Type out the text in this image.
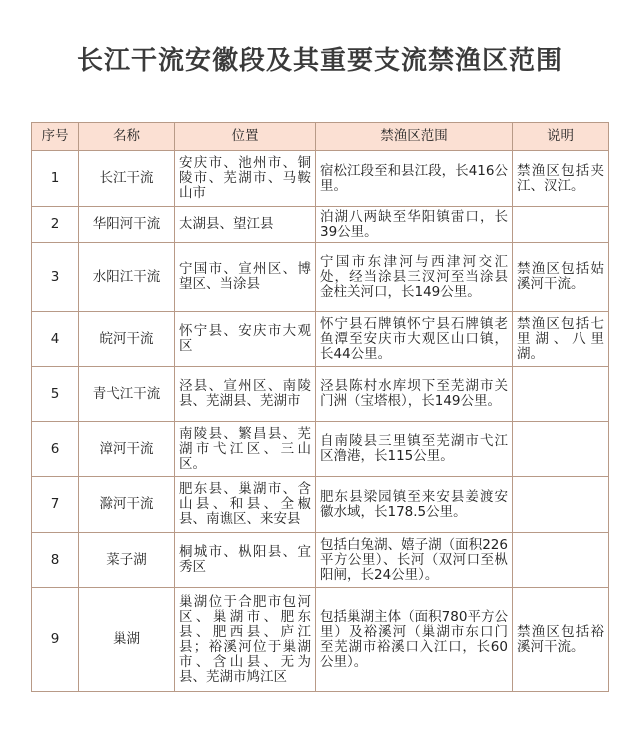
长江干流安徽段及其重要支流禁渔区范围
序号	名称	位置	禁渔区范围	说明
1	长江干流	安庆市、池州市、铜陵市、芜湖市、马鞍山市	宿松江段至和县江段，长416公里。	禁渔区包括夹江、汊江。
2	华阳河干流	太湖县、望江县	泊湖八两缺至华阳镇雷口，长39公里。	
3	水阳江干流	宁国市、宣州区、博望区、当涂县	宁国市东津河与西津河交汇处，经当涂县三汊河至当涂县金柱关河口，长149公里。	禁渔区包括姑溪河干流。
4	皖河干流	怀宁县、安庆市大观区	怀宁县石牌镇怀宁县石牌镇老鱼潭至安庆市大观区山口镇，长44公里。	禁渔区包括七里湖、八里湖。
5	青弋江干流	泾县、宣州区、南陵县、芜湖县、芜湖市	泾县陈村水库坝下至芜湖市关门洲（宝塔根），长149公里。	
6	漳河干流	南陵县、繁昌县、芜湖市弋江区、三山区。	自南陵县三里镇至芜湖市弋江区澛港，长115公里。	
7	滁河干流	肥东县、巢湖市、含山县、和县、全椒县、南谯区、来安县	肥东县梁园镇至来安县姜渡安徽水域，长178.5公里。	
8	菜子湖	桐城市、枞阳县、宜秀区	包括白兔湖、嬉子湖（面积226平方公里）、长河（双河口至枞阳闸，长24公里）。	
9	巢湖	巢湖位于合肥市包河区、巢湖市、肥东县、肥西县、庐江县；裕溪河位于巢湖市、含山县、无为县、芜湖市鸠江区	包括巢湖主体（面积780平方公里）及裕溪河（巢湖市东口门至芜湖市裕溪口入江口，长60公里）。	禁渔区包括裕溪河干流。
